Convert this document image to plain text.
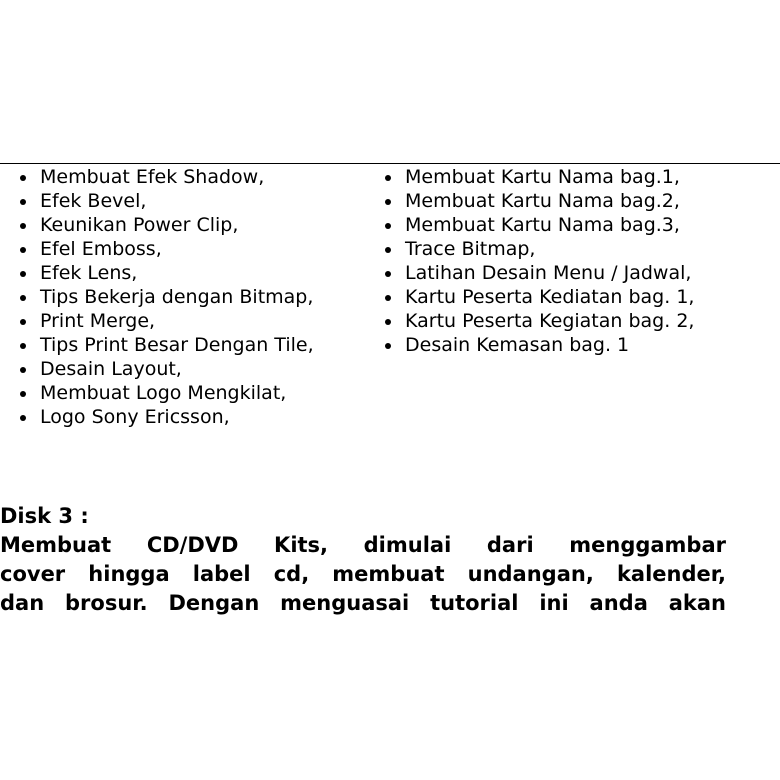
Membuat Efek Shadow,
Efek Bevel,
Keunikan Power Clip,
Efel Emboss,
Efek Lens,
Tips Bekerja dengan Bitmap,
Print Merge,
Tips Print Besar Dengan Tile,
Desain Layout,
Membuat Logo Mengkilat,
Logo Sony Ericsson,
Membuat Kartu Nama bag.1,
Membuat Kartu Nama bag.2,
Membuat Kartu Nama bag.3,
Trace Bitmap,
Latihan Desain Menu / Jadwal,
Kartu Peserta Kediatan bag. 1,
Kartu Peserta Kegiatan bag. 2,
Desain Kemasan bag. 1
Disk 3 :

Membuat CD/DVD Kits, dimulai dari menggambar
cover hingga label cd, membuat undangan, kalender,
dan brosur. Dengan menguasai tutorial ini anda akan
